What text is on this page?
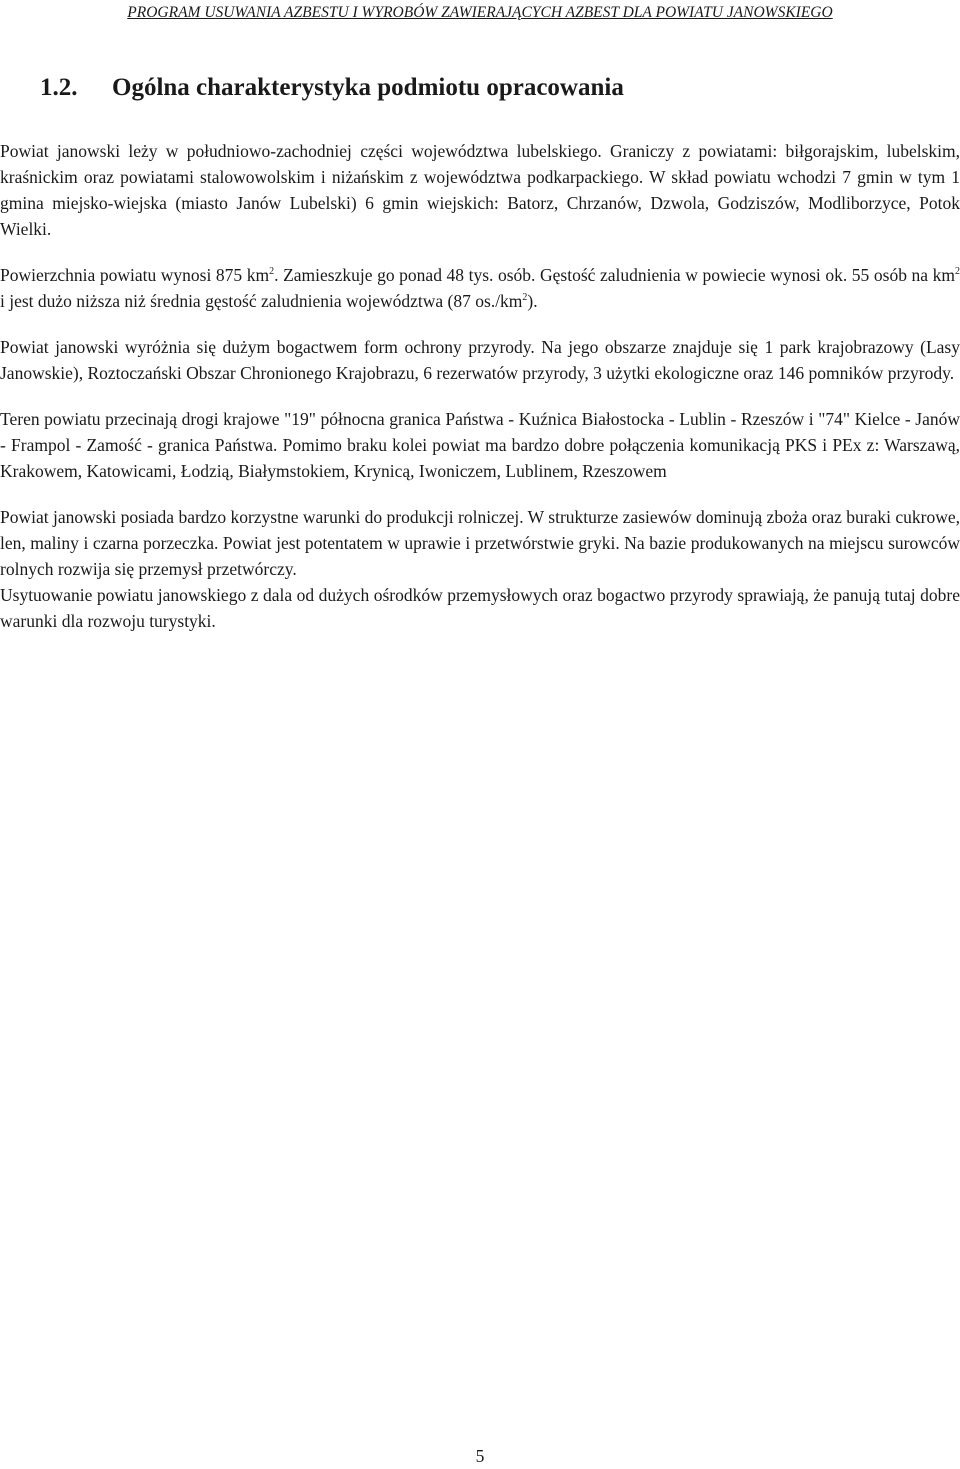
PROGRAM USUWANIA AZBESTU I WYROBÓW ZAWIERAJĄCYCH AZBEST DLA POWIATU JANOWSKIEGO
1.2. Ogólna charakterystyka podmiotu opracowania

Powiat janowski leży w południowo-zachodniej części województwa lubelskiego. Graniczy z powiatami: biłgorajskim, lubelskim, kraśnickim oraz powiatami stalowowolskim i niżańskim z województwa podkarpackiego. W skład powiatu wchodzi 7 gmin w tym 1 gmina miejsko-wiejska (miasto Janów Lubelski) 6 gmin wiejskich: Batorz, Chrzanów, Dzwola, Godziszów, Modliborzyce, Potok Wielki.

Powierzchnia powiatu wynosi 875 $km^2$. Zamieszkuje go ponad 48 tys. osób. Gęstość zaludnienia w powiecie wynosi ok. 55 osób na $km^2$ i jest dużo niższa niż średnia gęstość zaludnienia województwa (87 $os./km^2$).

Powiat janowski wyróżnia się dużym bogactwem form ochrony przyrody. Na jego obszarze znajduje się 1 park krajobrazowy (Lasy Janowskie), Roztoczański Obszar Chronionego Krajobrazu, 6 rezerwatów przyrody, 3 użytki ekologiczne oraz 146 pomników przyrody.

Teren powiatu przecinają drogi krajowe "19" północna granica Państwa - Kuźnica Białostocka - Lublin - Rzeszów i "74" Kielce - Janów - Frampol - Zamość - granica Państwa. Pomimo braku kolei powiat ma bardzo dobre połączenia komunikacją PKS i PEx z: Warszawą, Krakowem, Katowicami, Łodzią, Białymstokiem, Krynicą, Iwoniczem, Lublinem, Rzeszowem

Powiat janowski posiada bardzo korzystne warunki do produkcji rolniczej. W strukturze zasiewów dominują zboża oraz buraki cukrowe, len, maliny i czarna porzeczka. Powiat jest potentatem w uprawie i przetwórstwie gryki. Na bazie produkowanych na miejscu surowców rolnych rozwija się przemysł przetwórczy.

Usytuowanie powiatu janowskiego z dala od dużych ośrodków przemysłowych oraz bogactwo przyrody sprawiają, że panują tutaj dobre warunki dla rozwoju turystyki.

5
